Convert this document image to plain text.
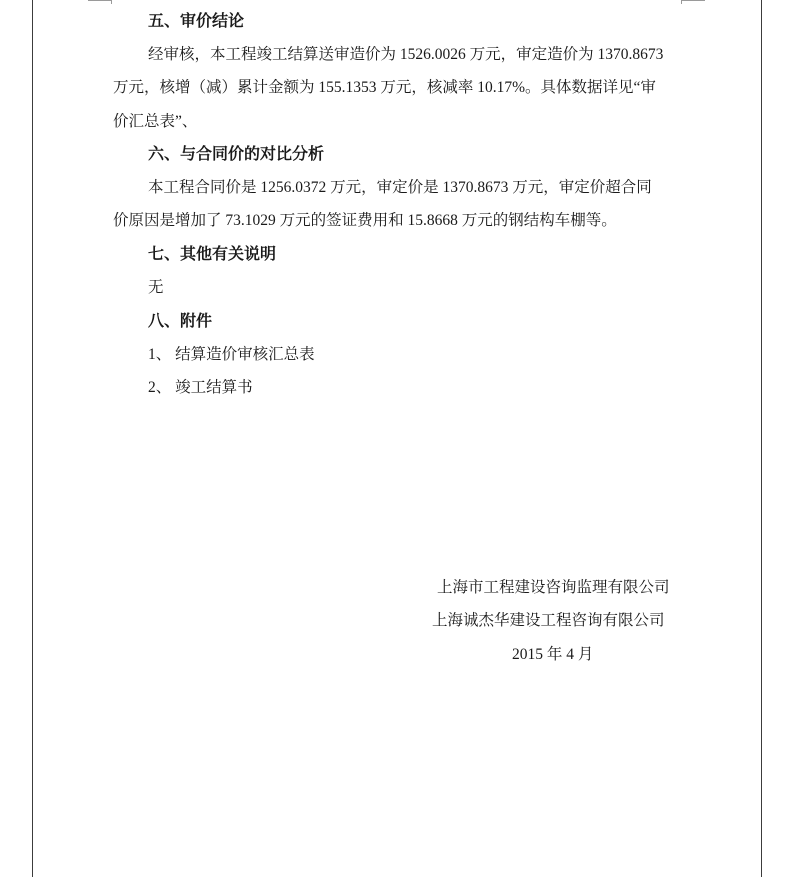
五、审价结论
经审核，本工程竣工结算送审造价为 1526.0026 万元，审定造价为 1370.8673
万元，核增（减）累计金额为 155.1353 万元，核减率 10.17%。具体数据详见“审
价汇总表”、
六、与合同价的对比分析
本工程合同价是 1256.0372 万元，审定价是 1370.8673 万元，审定价超合同
价原因是增加了 73.1029 万元的签证费用和 15.8668 万元的钢结构车棚等。
七、其他有关说明
无
八、附件
1、 结算造价审核汇总表
2、 竣工结算书
上海市工程建设咨询监理有限公司
上海诚杰华建设工程咨询有限公司
2015 年 4 月
